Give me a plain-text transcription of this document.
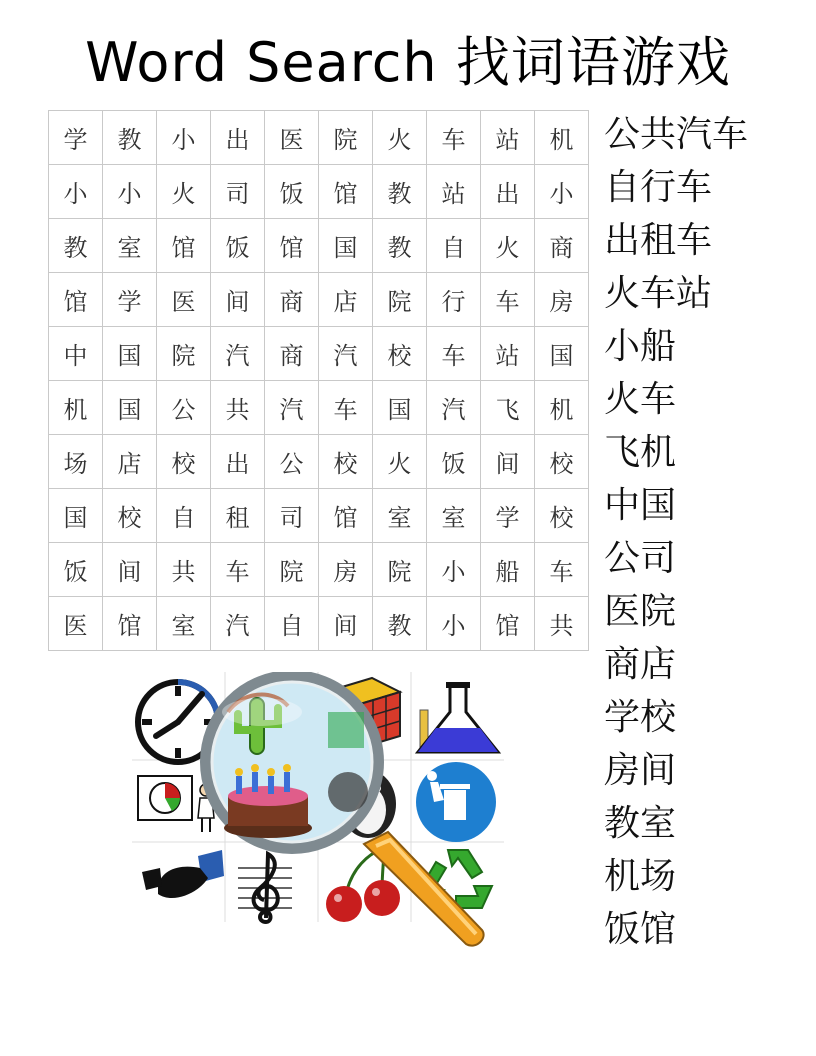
Word Search 找词语游戏
学	教	小	出	医	院	火	车	站	机
小	小	火	司	饭	馆	教	站	出	小
教	室	馆	饭	馆	国	教	自	火	商
馆	学	医	间	商	店	院	行	车	房
中	国	院	汽	商	汽	校	车	站	国
机	国	公	共	汽	车	国	汽	飞	机
场	店	校	出	公	校	火	饭	间	校
国	校	自	租	司	馆	室	室	学	校
饭	间	共	车	院	房	院	小	船	车
医	馆	室	汽	自	间	教	小	馆	共
公共汽车
自行车
出租车
火车站
小船
火车
飞机
中国
公司
医院
商店
学校
房间
教室
机场
饭馆
